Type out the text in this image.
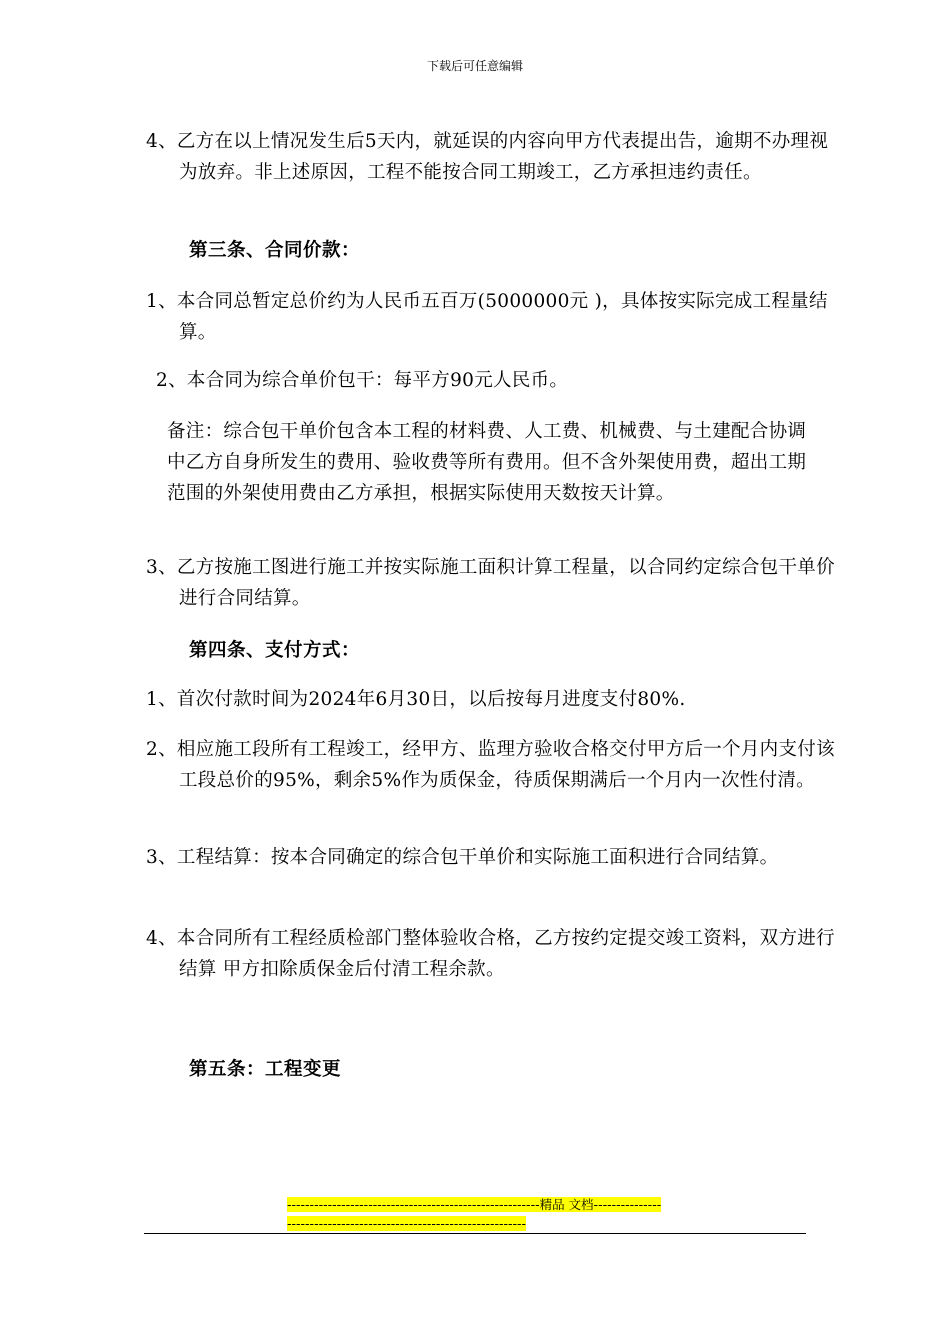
下载后可任意编辑
4、乙方在以上情况发生后5天内，就延误的内容向甲方代表提出告，逾期不办理视为放弃。非上述原因，工程不能按合同工期竣工，乙方承担违约责任。
第三条、合同价款：
1、本合同总暂定总价约为人民币五百万(5000000元 )，具体按实际完成工程量结算。
2、本合同为综合单价包干：每平方90元人民币。
备注：综合包干单价包含本工程的材料费、人工费、机械费、与土建配合协调中乙方自身所发生的费用、验收费等所有费用。但不含外架使用费，超出工期范围的外架使用费由乙方承担，根据实际使用天数按天计算。
3、乙方按施工图进行施工并按实际施工面积计算工程量，以合同约定综合包干单价进行合同结算。
第四条、支付方式：
1、首次付款时间为2024年6月30日，以后按每月进度支付80%.
2、相应施工段所有工程竣工，经甲方、监理方验收合格交付甲方后一个月内支付该工段总价的95%，剩余5%作为质保金，待质保期满后一个月内一次性付清。
3、工程结算：按本合同确定的综合包干单价和实际施工面积进行合同结算。
4、本合同所有工程经质检部门整体验收合格，乙方按约定提交竣工资料，双方进行结算 甲方扣除质保金后付清工程余款。
第五条：工程变更
--------------------------------------------------------精品 文档--------------------------------------------------------------------
